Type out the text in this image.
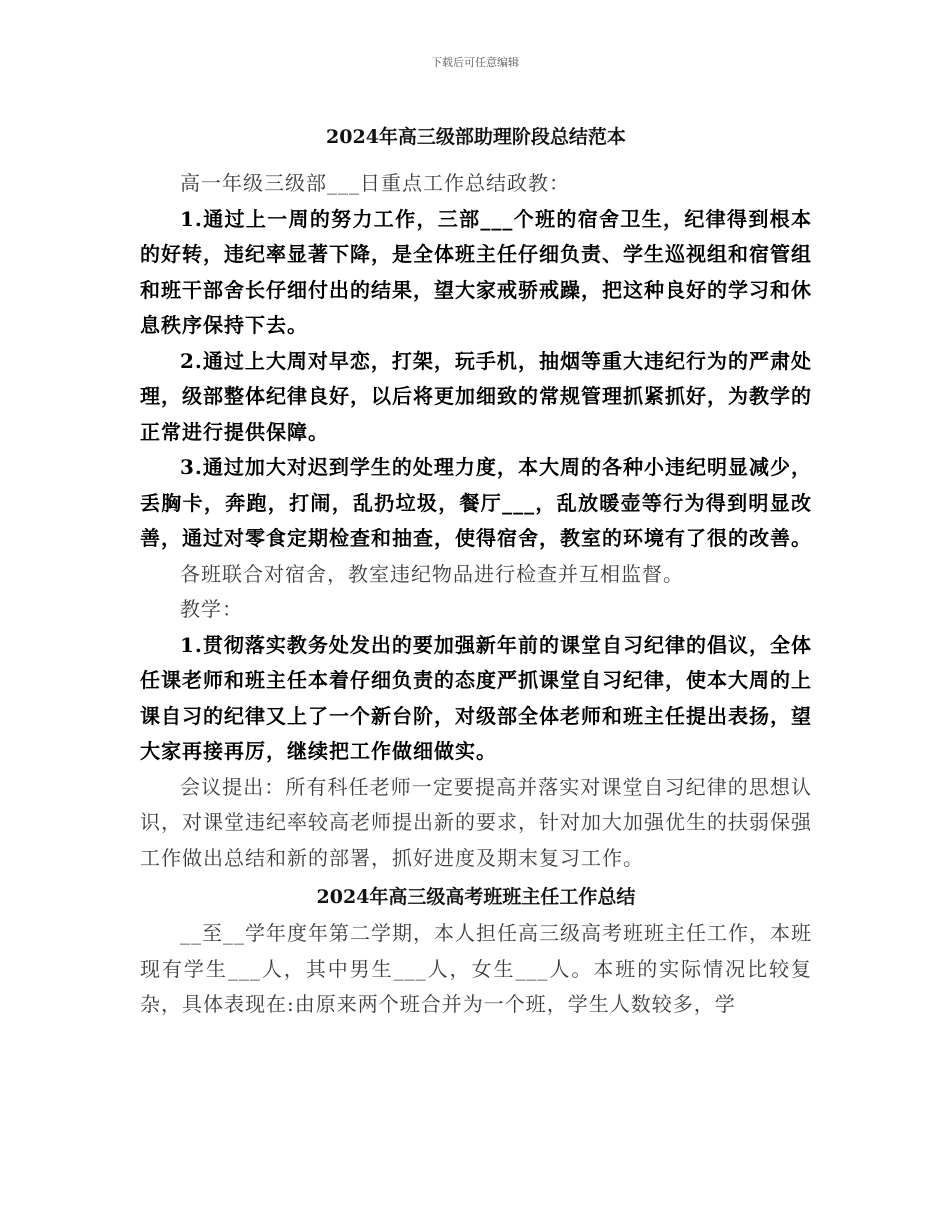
下载后可任意编辑
2024年高三级部助理阶段总结范本

高一年级三级部___日重点工作总结政教：

1.通过上一周的努力工作，三部___个班的宿舍卫生，纪律得到根本的好转，违纪率显著下降，是全体班主任仔细负责、学生巡视组和宿管组和班干部舍长仔细付出的结果，望大家戒骄戒躁，把这种良好的学习和休息秩序保持下去。

2.通过上大周对早恋，打架，玩手机，抽烟等重大违纪行为的严肃处理，级部整体纪律良好，以后将更加细致的常规管理抓紧抓好，为教学的正常进行提供保障。

3.通过加大对迟到学生的处理力度，本大周的各种小违纪明显减少，丢胸卡，奔跑，打闹，乱扔垃圾，餐厅___，乱放暖壶等行为得到明显改善，通过对零食定期检查和抽查，使得宿舍，教室的环境有了很的改善。

各班联合对宿舍，教室违纪物品进行检查并互相监督。

教学：

1.贯彻落实教务处发出的要加强新年前的课堂自习纪律的倡议，全体任课老师和班主任本着仔细负责的态度严抓课堂自习纪律，使本大周的上课自习的纪律又上了一个新台阶，对级部全体老师和班主任提出表扬，望大家再接再厉，继续把工作做细做实。

会议提出：所有科任老师一定要提高并落实对课堂自习纪律的思想认识，对课堂违纪率较高老师提出新的要求，针对加大加强优生的扶弱保强工作做出总结和新的部署，抓好进度及期末复习工作。

2024年高三级高考班班主任工作总结

__至__学年度年第二学期，本人担任高三级高考班班主任工作，本班现有学生___人，其中男生___人，女生___人。本班的实际情况比较复杂，具体表现在:由原来两个班合并为一个班，学生人数较多，学
